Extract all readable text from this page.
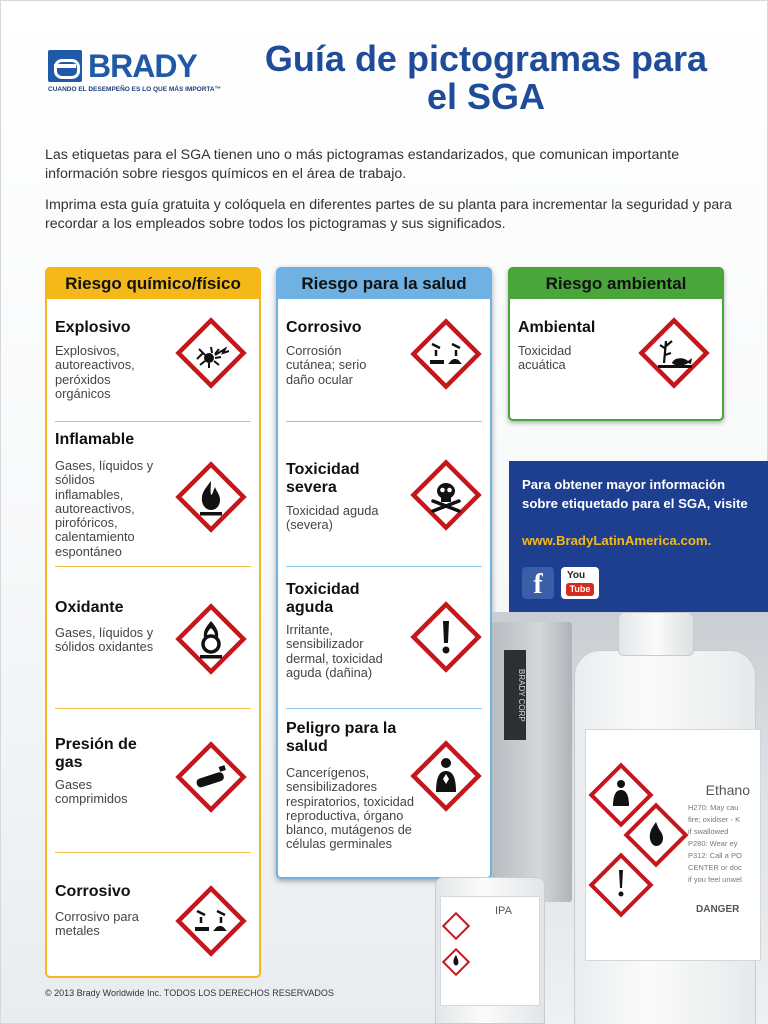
BRADY
CUANDO EL DESEMPEÑO ES LO QUE MÁS IMPORTA™
Guía de pictogramas para
el SGA

Las etiquetas para el SGA tienen uno o más pictogramas estandarizados, que comunican importante información sobre riesgos químicos en el área de trabajo.

Imprima esta guía gratuita y colóquela en diferentes partes de su planta para incrementar la seguridad y para recordar a los empleados sobre todos los pictogramas y sus significados.

Riesgo químico/físico
Explosivo
Explosivos, autoreactivos, peróxidos orgánicos
Inflamable
Gases, líquidos y sólidos inflamables, autoreactivos, pirofóricos, calentamiento espontáneo
Oxidante
Gases, líquidos y sólidos oxidantes
Presión de gas
Gases comprimidos
Corrosivo
Corrosivo para metales
Riesgo para la salud
Corrosivo
Corrosión cutánea; serio daño ocular
Toxicidad severa
Toxicidad aguda (severa)
Toxicidad aguda
Irritante, sensibilizador dermal, toxicidad aguda (dañina)
Peligro para la salud
Cancerígenos, sensibilizadores respiratorios, toxicidad reproductiva, órgano blanco, mutágenos de células germinales
Riesgo ambiental
Ambiental
Toxicidad acuática
Para obtener mayor información sobre etiquetado para el SGA, visite
www.BradyLatinAmerica.com.
f	You
Tube
BRADY CORP
Ethano
H270: May cau
fire; oxidiser - K
if swallowed
P280: Wear ey
P312: Call a PO
CENTER or doc
if you feel unwel
DANGER
IPA
© 2013 Brady Worldwide Inc. TODOS LOS DERECHOS RESERVADOS
